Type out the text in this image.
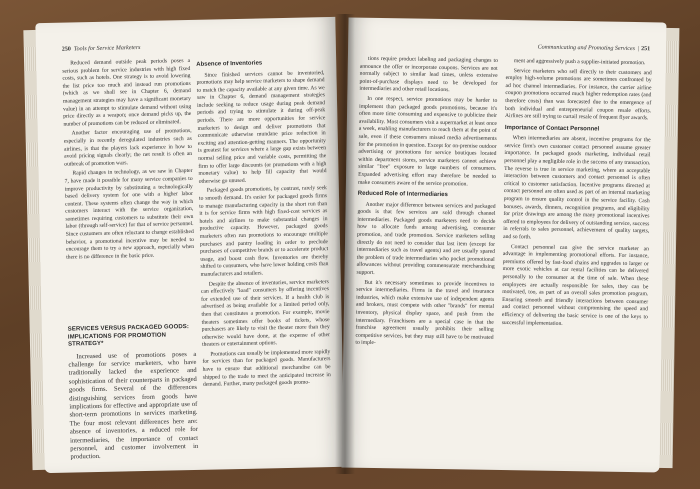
250 Tools for Service Marketers

Reduced demand outside peak periods poses a serious problem for service industries with high fixed costs, such as hotels. One strategy is to avoid lowering the list price too much and instead run promotions (which as we shall see in Chapter 6, demand management strategies may have a significant monetary value) in an attempt to stimulate demand without using price directly as a weapon; once demand picks up, the number of promotions can be reduced or eliminated.

Another factor encouraging use of promotions, especially in recently deregulated industries such as airlines, is that the players lack experience in how to avoid pricing signals clearly; the net result is often an outbreak of promotion wars.

Rapid changes in technology, as we saw in Chapter 7, have made it possible for many service companies to improve productivity by substituting a technologically based delivery system for one with a higher labor content. These systems often change the way in which customers interact with the service organization, sometimes requiring customers to substitute their own labor (through self-service) for that of service personnel. Since customers are often reluctant to change established behavior, a promotional incentive may be needed to encourage them to try a new approach, especially when there is no difference in the basic price.

SERVICES VERSUS PACKAGED GOODS: IMPLICATIONS FOR PROMOTION STRATEGY*

Increased use of promotions poses a challenge for service marketers, who have traditionally lacked the experience and sophistication of their counterparts in packaged goods firms. Several of the differences distinguishing services from goods have implications for effective and appropriate use of short-term promotions in services marketing. The four most relevant differences here are: absence of inventories, a reduced role for intermediaries, the importance of contact personnel, and customer involvement in production.

Absence of Inventories

Since finished services cannot be inventoried, promotions may help service marketers to shape demand to match the capacity available at any given time. As we saw in Chapter 6, demand management strategies include seeking to reduce usage during peak demand periods and trying to stimulate it during off-peak periods. There are more opportunities for service marketers to design and deliver promotions that communicate otherwise mundane price reduction in exciting and attention-getting manners. The opportunity is greatest for services where a large gap exists between normal selling price and variable costs, permitting the firm to offer large discounts (or promotions with a high monetary value) to help fill capacity that would otherwise go unused.

Packaged goods promotions, by contrast, rarely seek to smooth demand. It's easier for packaged goods firms to manage manufacturing capacity in the short run than it is for service firms with high fixed-cost services as hotels and airlines to make substantial changes in productive capacity. However, packaged goods marketers often run promotions to encourage multiple purchases and pantry loading in order to preclude purchases of competitive brands or to accelerate product usage, and boost cash flow. Inventories are thereby shifted to consumers, who have lower holding costs than manufacturers and retailers.

Despite the absence of inventories, service marketers can effectively "load" consumers by offering incentives for extended use of their services. If a health club is advertised as being available for a limited period only, then that constitutes a promotion. For example, movie theaters sometimes offer books of tickets, whose purchasers are likely to visit the theater more than they otherwise would have done, at the expense of other theaters or entertainment options.

Promotions can usually be implemented more rapidly for services than for packaged goods. Manufacturers have to ensure that additional merchandise can be shipped to the trade to meet the anticipated increase in demand. Further, many packaged goods promo-

Communicating and Promoting Services  | 251

tions require product labeling and packaging changes to announce the offer or incorporate coupons. Services are not normally subject to similar lead times, unless extensive point-of-purchase displays need to be developed for intermediaries and other retail locations.

In one respect, service promotions may be harder to implement than packaged goods promotions, because it's often more time consuming and expensive to publicize their availability. Most consumers visit a supermarket at least once a week, enabling manufacturers to reach them at the point of sale, even if these consumers missed media advertisements for the promotion in question. Except for on-premise outdoor advertising or promotions for service boutiques located within department stores, service marketers cannot achieve similar "free" exposure to large numbers of consumers. Expanded advertising effort may therefore be needed to make consumers aware of the service promotion.

Reduced Role of Intermediaries

Another major difference between services and packaged goods is that few services are sold through channel intermediaries. Packaged goods marketers need to decide how to allocate funds among advertising, consumer promotion, and trade promotion. Service marketers selling directly do not need to consider that last item (except for intermediaries such as travel agents) and are usually spared the problem of trade intermediaries who pocket promotional allowances without providing commensurate merchandising support.

But it's necessary sometimes to provide incentives to service intermediaries. Firms in the travel and insurance industries, which make extensive use of independent agents and brokers, must compete with other "brands" for mental inventory, physical display space, and push from the intermediary. Franchisees are a special case in that the franchise agreement usually prohibits their selling competitive services, but they may still have to be motivated to imple-

ment and aggressively push a supplier-initiated promotion.

Service marketers who sell directly to their customers and employ high-volume promotions are sometimes confronted by ad hoc channel intermediaries. For instance, the carrier airline coupon promotions occurred much higher redemption rates (and therefore costs) than was forecasted due to the emergence of both individual and entrepreneurial coupon resale efforts. Airlines are still trying to curtail resale of frequent flyer awards.

Importance of Contact Personnel

When intermediaries are absent, incentive programs for the service firm's own customer contact personnel assume greater importance. In packaged goods marketing, individual retail personnel play a negligible role in the success of any transaction. The reverse is true in service marketing, where an acceptable interaction between customers and contact personnel is often critical to customer satisfaction. Incentive programs directed at contact personnel are often used as part of an internal marketing program to ensure quality control in the service facility. Cash bonuses, awards, dinners, recognition programs, and eligibility for prize drawings are among the many promotional incentives offered to employees for delivery of outstanding service, success in referrals to sales personnel, achievement of quality targets, and so forth.

Contact personnel can give the service marketer an advantage in implementing promotional efforts. For instance, premiums offered by fast-food chains and upgrades to larger or more exotic vehicles at car rental facilities can be delivered personally to the consumer at the time of sale. When these employees are actually responsible for sales, they can be motivated, too, as part of an overall sales promotion program. Ensuring smooth and friendly interactions between consumer and contact personnel without compromising the speed and efficiency of delivering the basic service is one of the keys to successful implementation.
